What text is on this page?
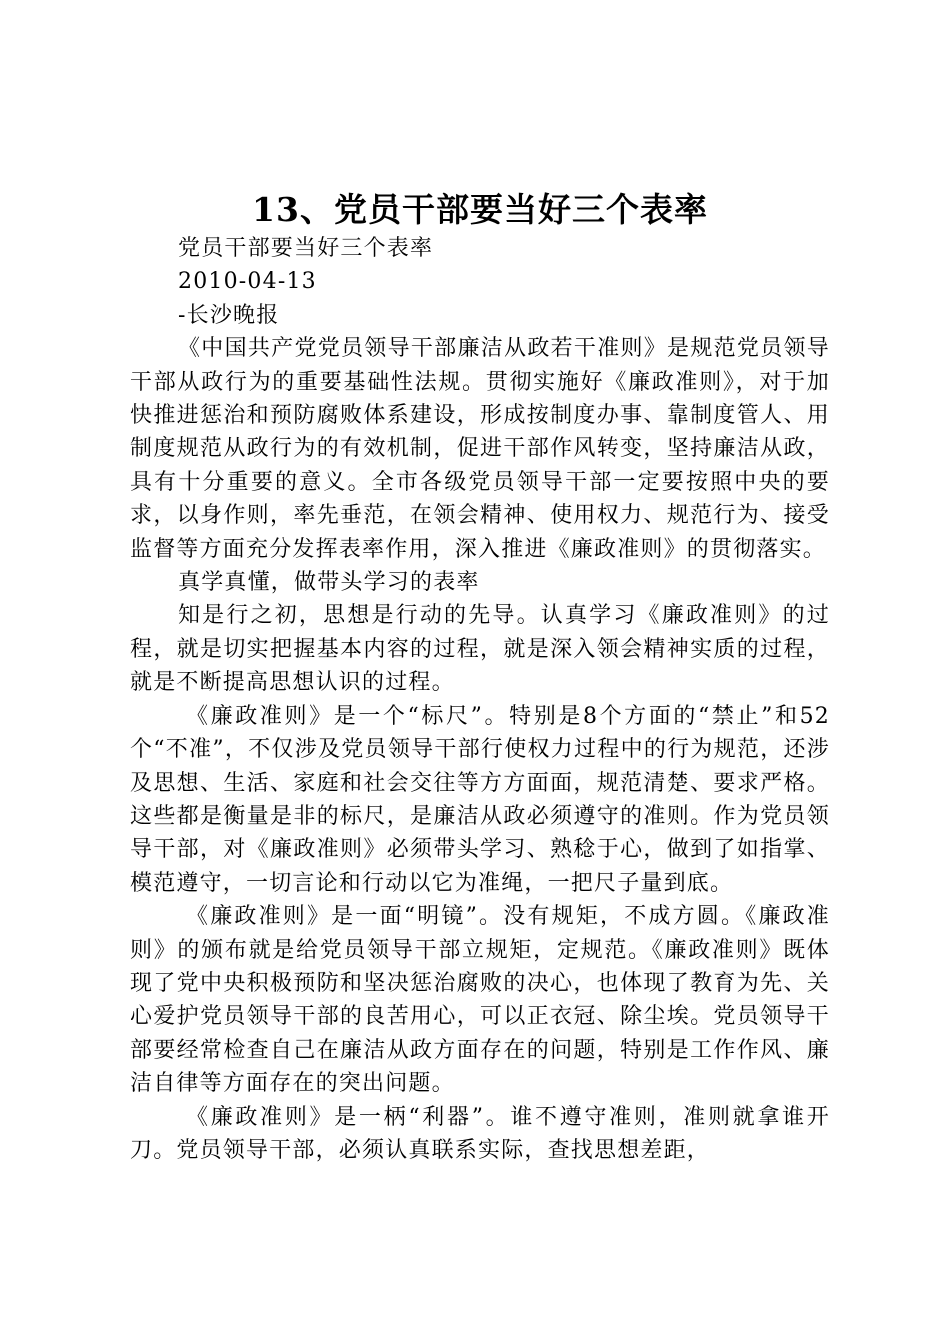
13、党员干部要当好三个表率

党员干部要当好三个表率

2010-04-13

-长沙晚报

《中国共产党党员领导干部廉洁从政若干准则》是规范党员领导干部从政行为的重要基础性法规。贯彻实施好《廉政准则》，对于加快推进惩治和预防腐败体系建设，形成按制度办事、靠制度管人、用制度规范从政行为的有效机制，促进干部作风转变，坚持廉洁从政，具有十分重要的意义。全市各级党员领导干部一定要按照中央的要求，以身作则，率先垂范，在领会精神、使用权力、规范行为、接受监督等方面充分发挥表率作用，深入推进《廉政准则》的贯彻落实。

真学真懂，做带头学习的表率

知是行之初，思想是行动的先导。认真学习《廉政准则》的过程，就是切实把握基本内容的过程，就是深入领会精神实质的过程，就是不断提高思想认识的过程。

《廉政准则》是一个“标尺”。特别是8个方面的“禁止”和52个“不准”，不仅涉及党员领导干部行使权力过程中的行为规范，还涉及思想、生活、家庭和社会交往等方方面面，规范清楚、要求严格。这些都是衡量是非的标尺，是廉洁从政必须遵守的准则。作为党员领导干部，对《廉政准则》必须带头学习、熟稔于心，做到了如指掌、模范遵守，一切言论和行动以它为准绳，一把尺子量到底。

《廉政准则》是一面“明镜”。没有规矩，不成方圆。《廉政准则》的颁布就是给党员领导干部立规矩，定规范。《廉政准则》既体现了党中央积极预防和坚决惩治腐败的决心，也体现了教育为先、关心爱护党员领导干部的良苦用心，可以正衣冠、除尘埃。党员领导干部要经常检查自己在廉洁从政方面存在的问题，特别是工作作风、廉洁自律等方面存在的突出问题。

《廉政准则》是一柄“利器”。谁不遵守准则，准则就拿谁开刀。党员领导干部，必须认真联系实际，查找思想差距，
